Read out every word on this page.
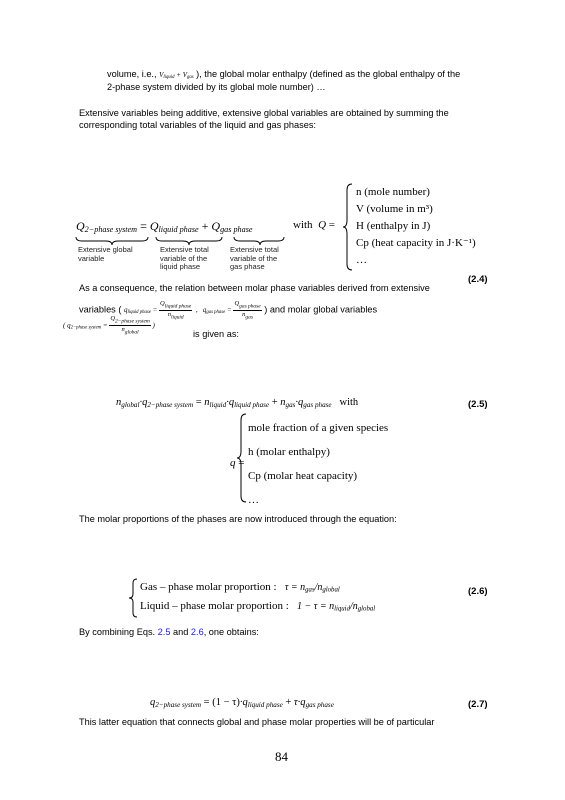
volume, i.e., $V_{liquid} + V_{gas}$ ), the global molar enthalpy (defined as the global enthalpy of the
2-phase system divided by its global mole number) …
Extensive variables being additive, extensive global variables are obtained by summing the
corresponding total variables of the liquid and gas phases:
$Q_{2-phase system} = Q_{liquid phase} + Q_{gas phase}$
Extensive global
variable
Extensive total
variable of the
liquid phase
Extensive total
variable of the
gas phase
with Q =
n (mole number)
V (volume in m³)
H (enthalpy in J)
Cp (heat capacity in J·K⁻¹)
…
(2.4)
As a consequence, the relation between molar phase variables derived from extensive
variables ( $q_{liquid phase} = \frac{Q_{liquid phase}}{n_{liquid}}$ ,   $q_{gas phase} = \frac{Q_{gas phase}}{n_{gas}}$ ) and molar global variables
( $q_{2-phase system} = \frac{Q_{2-phase system}}{n_{global}}$ )
is given as:
$n_{global}\cdot q_{2-phase system} = n_{liquid}\cdot q_{liquid phase} + n_{gas}\cdot q_{gas phase}$ with	(2.5)
q =
mole fraction of a given species
h (molar enthalpy)
Cp (molar heat capacity)
…
The molar proportions of the phases are now introduced through the equation:
Gas – phase molar proportion : $\tau = n_{gas}/n_{global}$
Liquid – phase molar proportion : $1 - \tau = n_{liquid}/n_{global}$
(2.6)
By combining Eqs. 2.5 and 2.6, one obtains:
$q_{2-phase system} = (1 - \tau)\cdot q_{liquid phase} + \tau\cdot q_{gas phase}$	(2.7)
This latter equation that connects global and phase molar properties will be of particular
84
